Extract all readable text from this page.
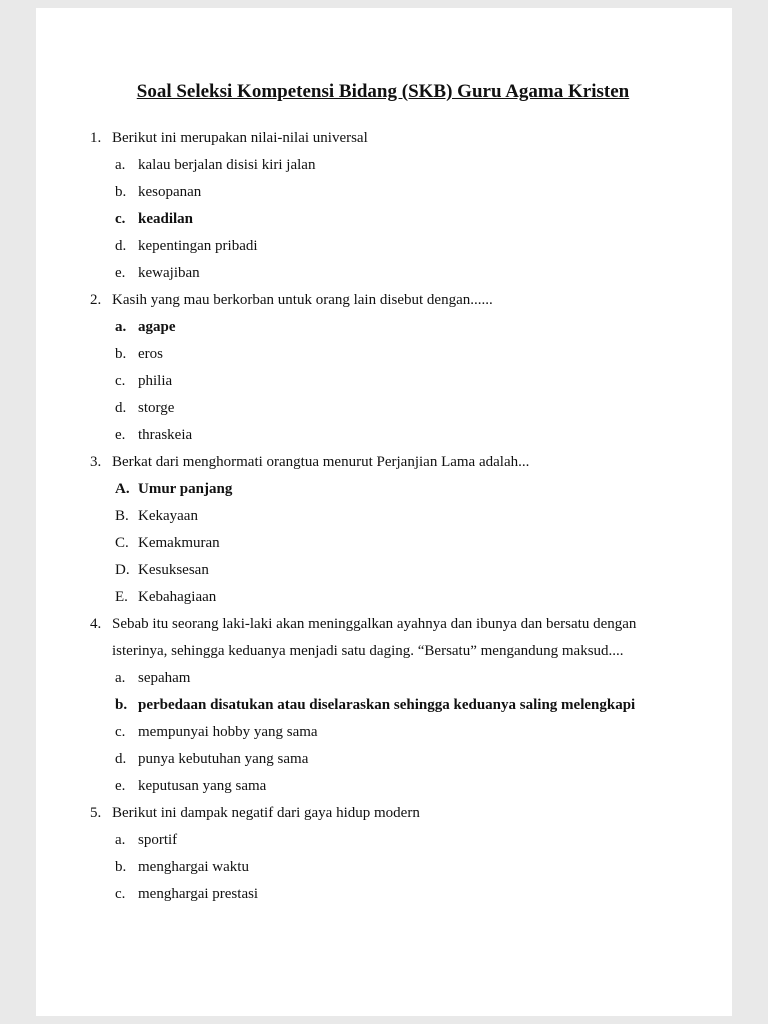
Soal Seleksi Kompetensi Bidang (SKB) Guru Agama Kristen
1. Berikut ini merupakan nilai-nilai universal
a. kalau berjalan disisi kiri jalan
b. kesopanan
c. keadilan
d. kepentingan pribadi
e. kewajiban
2. Kasih yang mau berkorban untuk orang lain disebut dengan......
a. agape
b. eros
c. philia
d. storge
e. thraskeia
3. Berkat dari menghormati orangtua menurut Perjanjian Lama adalah...
A. Umur panjang
B. Kekayaan
C. Kemakmuran
D. Kesuksesan
E. Kebahagiaan
4. Sebab itu seorang laki-laki akan meninggalkan ayahnya dan ibunya dan bersatu dengan isterinya, sehingga keduanya menjadi satu daging. “Bersatu” mengandung maksud....
a. sepaham
b. perbedaan disatukan atau diselaraskan sehingga keduanya saling melengkapi
c. mempunyai hobby yang sama
d. punya kebutuhan yang sama
e. keputusan yang sama
5. Berikut ini dampak negatif dari gaya hidup modern
a. sportif
b. menghargai waktu
c. menghargai prestasi
